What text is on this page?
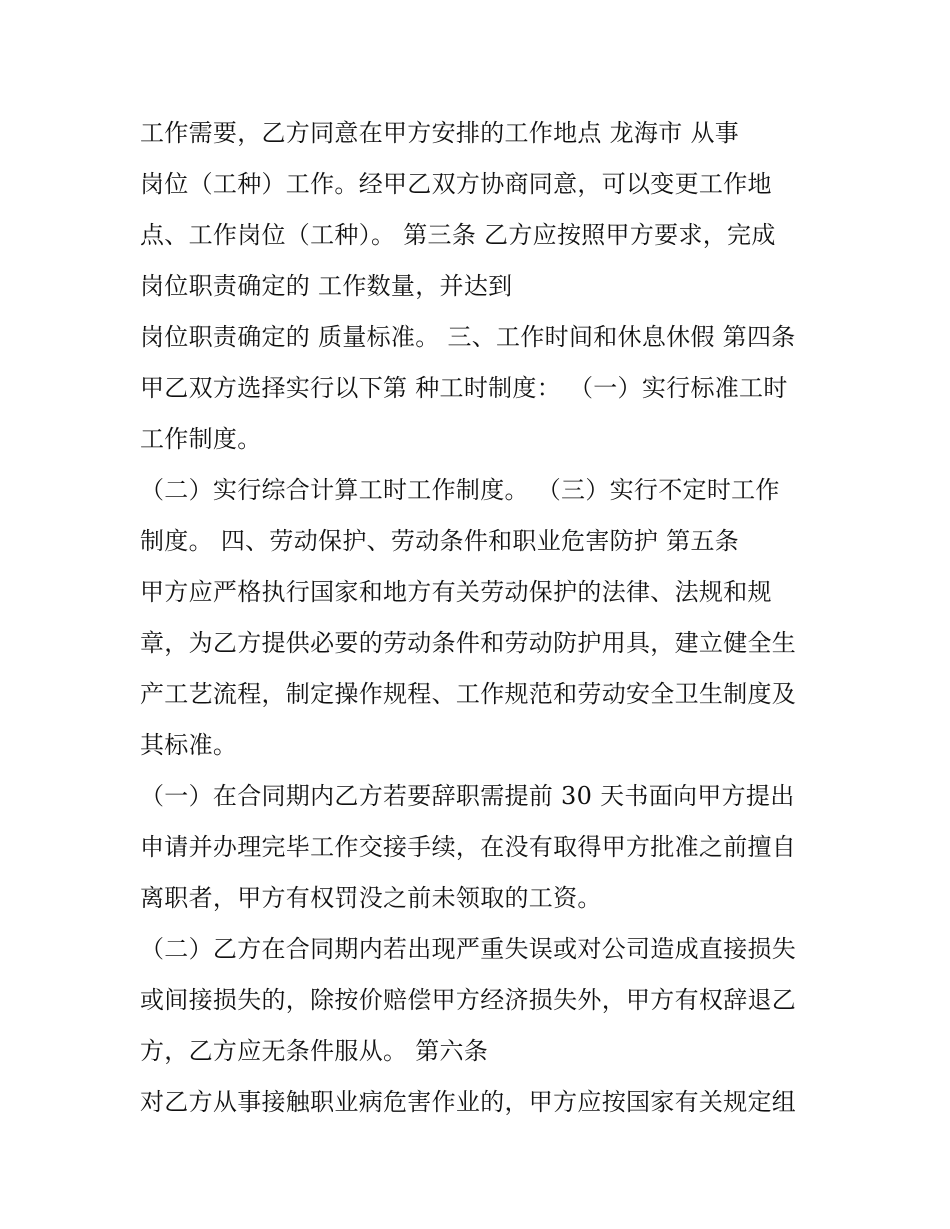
工作需要，乙方同意在甲方安排的工作地点 龙海市 从事
岗位（工种）工作。经甲乙双方协商同意，可以变更工作地
点、工作岗位（工种）。 第三条 乙方应按照甲方要求，完成
岗位职责确定的 工作数量，并达到
岗位职责确定的 质量标准。 三、工作时间和休息休假 第四条
甲乙双方选择实行以下第 种工时制度： （一）实行标准工时
工作制度。
（二）实行综合计算工时工作制度。 （三）实行不定时工作
制度。 四、劳动保护、劳动条件和职业危害防护 第五条
甲方应严格执行国家和地方有关劳动保护的法律、法规和规
章，为乙方提供必要的劳动条件和劳动防护用具，建立健全生
产工艺流程，制定操作规程、工作规范和劳动安全卫生制度及
其标准。
（一）在合同期内乙方若要辞职需提前 30 天书面向甲方提出
申请并办理完毕工作交接手续，在没有取得甲方批准之前擅自
离职者，甲方有权罚没之前未领取的工资。
（二）乙方在合同期内若出现严重失误或对公司造成直接损失
或间接损失的，除按价赔偿甲方经济损失外，甲方有权辞退乙
方，乙方应无条件服从。 第六条
对乙方从事接触职业病危害作业的，甲方应按国家有关规定组
